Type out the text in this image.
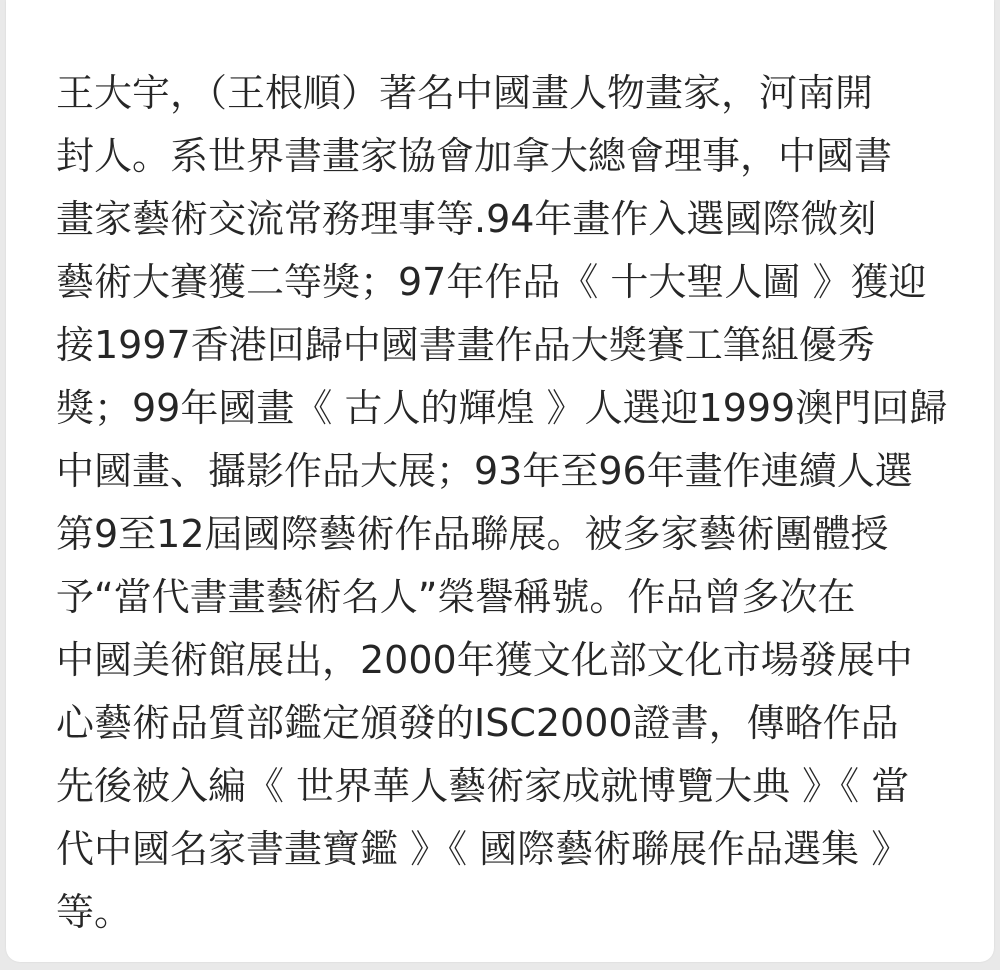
王大宇，（王根順）著名中國畫人物畫家，河南開
封人。系世界書畫家協會加拿大總會理事，中國書
畫家藝術交流常務理事等.94年畫作入選國際微刻
藝術大賽獲二等獎；97年作品《 十大聖人圖 》獲迎
接1997香港回歸中國書畫作品大獎賽工筆組優秀
獎；99年國畫《 古人的輝煌 》人選迎1999澳門回歸
中國畫、攝影作品大展；93年至96年畫作連續人選
第9至12屆國際藝術作品聯展。被多家藝術團體授
予“當代書畫藝術名人”榮譽稱號。作品曾多次在
中國美術館展出，2000年獲文化部文化市場發展中
心藝術品質部鑑定頒發的ISC2000證書，傳略作品
先後被入編《 世界華人藝術家成就博覽大典 》《 當
代中國名家書畫寶鑑 》《 國際藝術聯展作品選集 》
等。
